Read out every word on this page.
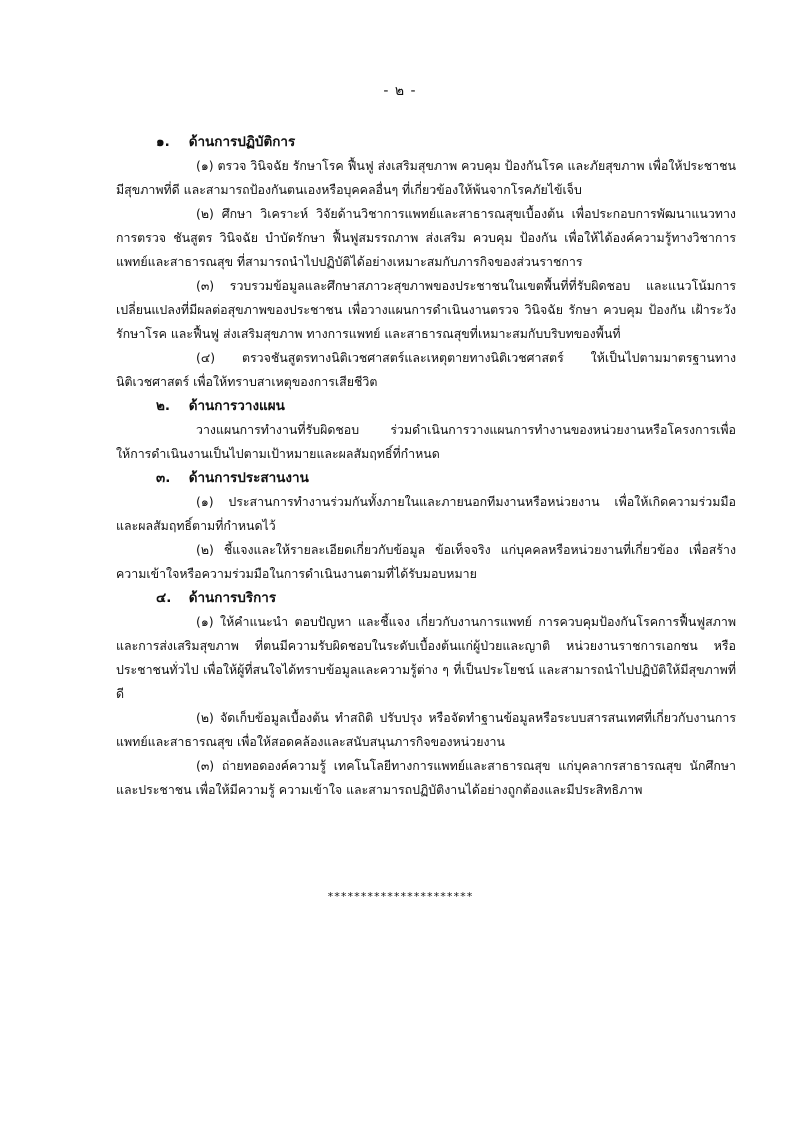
- ๒ -
๑. ด้านการปฏิบัติการ

(๑) ตรวจ วินิจฉัย รักษาโรค ฟื้นฟู ส่งเสริมสุขภาพ ควบคุม ป้องกันโรค และภัยสุขภาพ เพื่อให้ประชาชนมีสุขภาพที่ดี และสามารถป้องกันตนเองหรือบุคคลอื่นๆ ที่เกี่ยวข้องให้พ้นจากโรคภัยไข้เจ็บ

(๒) ศึกษา วิเคราะห์ วิจัยด้านวิชาการแพทย์และสาธารณสุขเบื้องต้น เพื่อประกอบการพัฒนาแนวทางการตรวจ ชันสูตร วินิจฉัย บำบัดรักษา ฟื้นฟูสมรรถภาพ ส่งเสริม ควบคุม ป้องกัน เพื่อให้ได้องค์ความรู้ทางวิชาการแพทย์และสาธารณสุข ที่สามารถนำไปปฏิบัติได้อย่างเหมาะสมกับภารกิจของส่วนราชการ

(๓) รวบรวมข้อมูลและศึกษาสภาวะสุขภาพของประชาชนในเขตพื้นที่ที่รับผิดชอบ และแนวโน้มการเปลี่ยนแปลงที่มีผลต่อสุขภาพของประชาชน เพื่อวางแผนการดำเนินงานตรวจ วินิจฉัย รักษา ควบคุม ป้องกัน เฝ้าระวัง รักษาโรค และฟื้นฟู ส่งเสริมสุขภาพ ทางการแพทย์ และสาธารณสุขที่เหมาะสมกับบริบทของพื้นที่

(๔) ตรวจชันสูตรทางนิติเวชศาสตร์และเหตุตายทางนิติเวชศาสตร์ ให้เป็นไปตามมาตรฐานทางนิติเวชศาสตร์ เพื่อให้ทราบสาเหตุของการเสียชีวิต

๒. ด้านการวางแผน

วางแผนการทำงานที่รับผิดชอบ ร่วมดำเนินการวางแผนการทำงานของหน่วยงานหรือโครงการเพื่อให้การดำเนินงานเป็นไปตามเป้าหมายและผลสัมฤทธิ์ที่กำหนด

๓. ด้านการประสานงาน

(๑) ประสานการทำงานร่วมกันทั้งภายในและภายนอกทีมงานหรือหน่วยงาน เพื่อให้เกิดความร่วมมือและผลสัมฤทธิ์ตามที่กำหนดไว้

(๒) ชี้แจงและให้รายละเอียดเกี่ยวกับข้อมูล ข้อเท็จจริง แก่บุคคลหรือหน่วยงานที่เกี่ยวข้อง เพื่อสร้างความเข้าใจหรือความร่วมมือในการดำเนินงานตามที่ได้รับมอบหมาย

๔. ด้านการบริการ

(๑) ให้คำแนะนำ ตอบปัญหา และชี้แจง เกี่ยวกับงานการแพทย์ การควบคุมป้องกันโรคการฟื้นฟูสภาพและการส่งเสริมสุขภาพ ที่ตนมีความรับผิดชอบในระดับเบื้องต้นแก่ผู้ป่วยและญาติ หน่วยงานราชการเอกชน หรือประชาชนทั่วไป เพื่อให้ผู้ที่สนใจได้ทราบข้อมูลและความรู้ต่าง ๆ ที่เป็นประโยชน์ และสามารถนำไปปฏิบัติให้มีสุขภาพที่ดี

(๒) จัดเก็บข้อมูลเบื้องต้น ทำสถิติ ปรับปรุง หรือจัดทำฐานข้อมูลหรือระบบสารสนเทศที่เกี่ยวกับงานการแพทย์และสาธารณสุข เพื่อให้สอดคล้องและสนับสนุนภารกิจของหน่วยงาน

(๓) ถ่ายทอดองค์ความรู้ เทคโนโลยีทางการแพทย์และสาธารณสุข แก่บุคลากรสาธารณสุข นักศึกษาและประชาชน เพื่อให้มีความรู้ ความเข้าใจ และสามารถปฏิบัติงานได้อย่างถูกต้องและมีประสิทธิภาพ

**********************
